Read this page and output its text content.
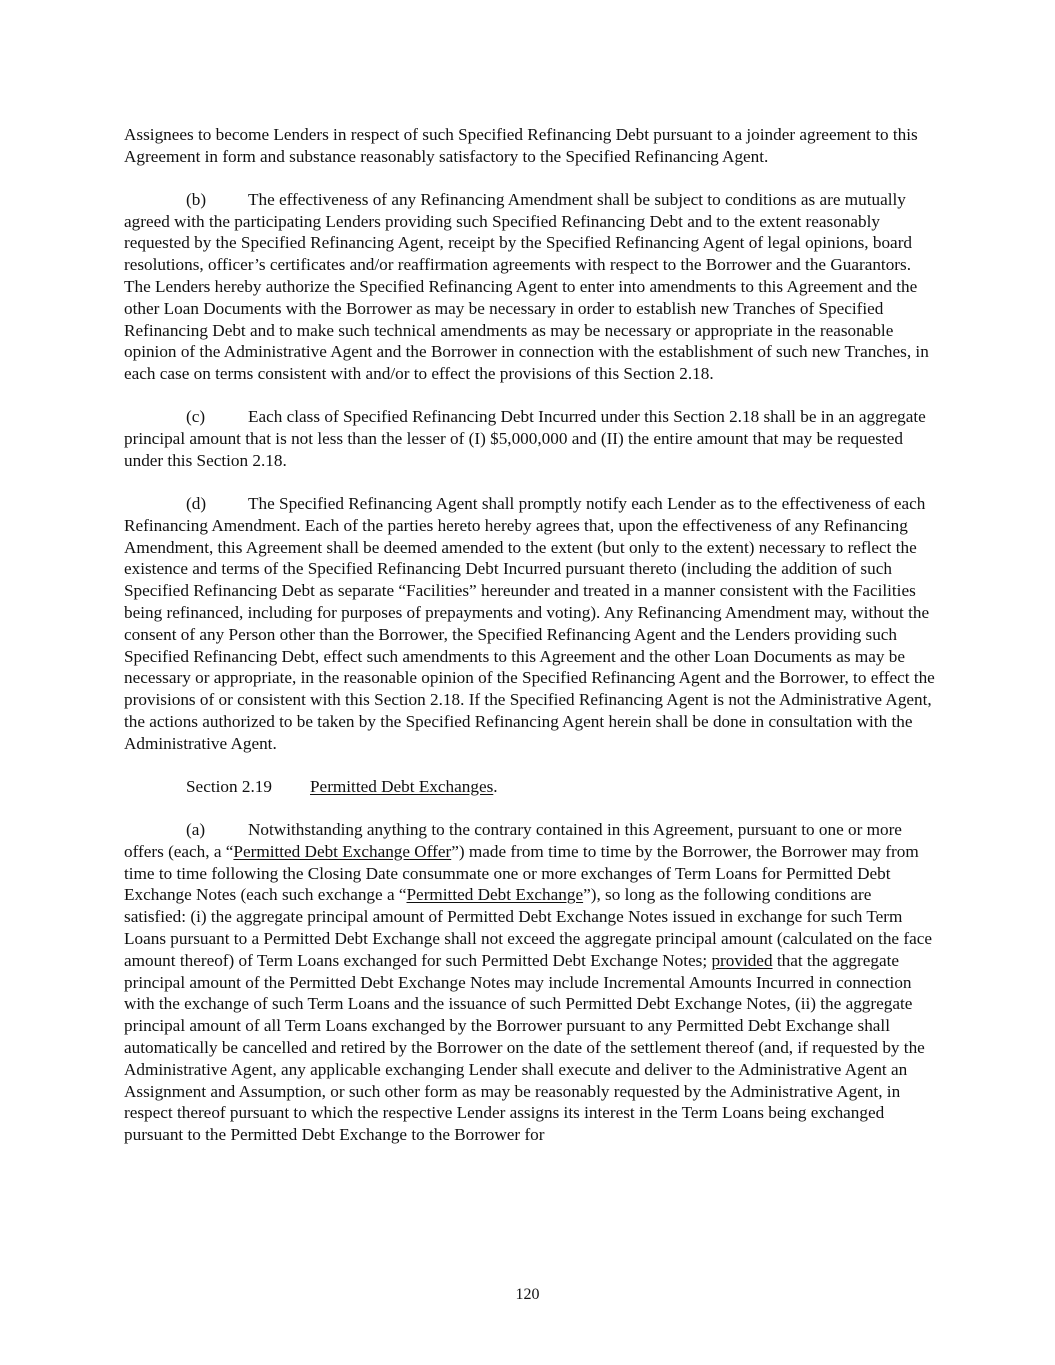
Assignees to become Lenders in respect of such Specified Refinancing Debt pursuant to a joinder agreement to this Agreement in form and substance reasonably satisfactory to the Specified Refinancing Agent.

(b) The effectiveness of any Refinancing Amendment shall be subject to conditions as are mutually agreed with the participating Lenders providing such Specified Refinancing Debt and to the extent reasonably requested by the Specified Refinancing Agent, receipt by the Specified Refinancing Agent of legal opinions, board resolutions, officer’s certificates and/or reaffirmation agreements with respect to the Borrower and the Guarantors. The Lenders hereby authorize the Specified Refinancing Agent to enter into amendments to this Agreement and the other Loan Documents with the Borrower as may be necessary in order to establish new Tranches of Specified Refinancing Debt and to make such technical amendments as may be necessary or appropriate in the reasonable opinion of the Administrative Agent and the Borrower in connection with the establishment of such new Tranches, in each case on terms consistent with and/or to effect the provisions of this Section 2.18.

(c) Each class of Specified Refinancing Debt Incurred under this Section 2.18 shall be in an aggregate principal amount that is not less than the lesser of (I) $5,000,000 and (II) the entire amount that may be requested under this Section 2.18.

(d) The Specified Refinancing Agent shall promptly notify each Lender as to the effectiveness of each Refinancing Amendment. Each of the parties hereto hereby agrees that, upon the effectiveness of any Refinancing Amendment, this Agreement shall be deemed amended to the extent (but only to the extent) necessary to reflect the existence and terms of the Specified Refinancing Debt Incurred pursuant thereto (including the addition of such Specified Refinancing Debt as separate “Facilities” hereunder and treated in a manner consistent with the Facilities being refinanced, including for purposes of prepayments and voting). Any Refinancing Amendment may, without the consent of any Person other than the Borrower, the Specified Refinancing Agent and the Lenders providing such Specified Refinancing Debt, effect such amendments to this Agreement and the other Loan Documents as may be necessary or appropriate, in the reasonable opinion of the Specified Refinancing Agent and the Borrower, to effect the provisions of or consistent with this Section 2.18. If the Specified Refinancing Agent is not the Administrative Agent, the actions authorized to be taken by the Specified Refinancing Agent herein shall be done in consultation with the Administrative Agent.

Section 2.19 Permitted Debt Exchanges.

(a) Notwithstanding anything to the contrary contained in this Agreement, pursuant to one or more offers (each, a “Permitted Debt Exchange Offer”) made from time to time by the Borrower, the Borrower may from time to time following the Closing Date consummate one or more exchanges of Term Loans for Permitted Debt Exchange Notes (each such exchange a “Permitted Debt Exchange”), so long as the following conditions are satisfied: (i) the aggregate principal amount of Permitted Debt Exchange Notes issued in exchange for such Term Loans pursuant to a Permitted Debt Exchange shall not exceed the aggregate principal amount (calculated on the face amount thereof) of Term Loans exchanged for such Permitted Debt Exchange Notes; provided that the aggregate principal amount of the Permitted Debt Exchange Notes may include Incremental Amounts Incurred in connection with the exchange of such Term Loans and the issuance of such Permitted Debt Exchange Notes, (ii) the aggregate principal amount of all Term Loans exchanged by the Borrower pursuant to any Permitted Debt Exchange shall automatically be cancelled and retired by the Borrower on the date of the settlement thereof (and, if requested by the Administrative Agent, any applicable exchanging Lender shall execute and deliver to the Administrative Agent an Assignment and Assumption, or such other form as may be reasonably requested by the Administrative Agent, in respect thereof pursuant to which the respective Lender assigns its interest in the Term Loans being exchanged pursuant to the Permitted Debt Exchange to the Borrower for

120
